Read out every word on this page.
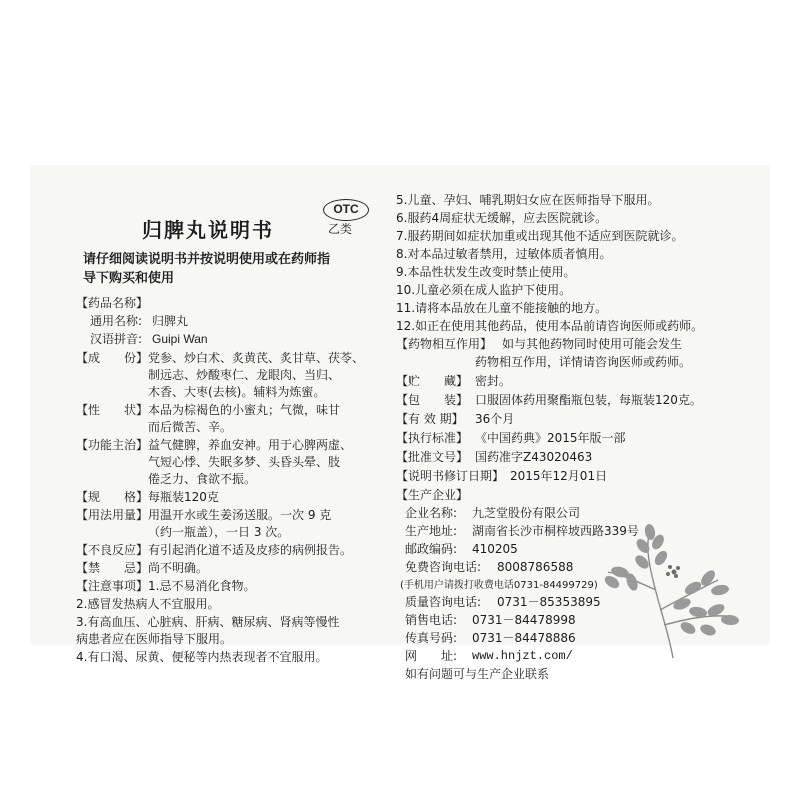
OTC
乙类
归脾丸说明书
请仔细阅读说明书并按说明使用或在药师指
导下购买和使用
【药品名称】
通用名称: 归脾丸
汉语拼音: Guipi Wan
【成　　份】 党参、炒白术、炙黄芪、炙甘草、茯苓、
制远志、炒酸枣仁、龙眼肉、当归、
木香、大枣(去核)。辅料为炼蜜。
【性　　状】 本品为棕褐色的小蜜丸；气微，味甘
而后微苦、辛。
【功能主治】 益气健脾，养血安神。用于心脾两虚、
气短心悸、失眠多梦、头昏头晕、肢
倦乏力、食欲不振。
【规　　格】 每瓶装120克
【用法用量】 用温开水或生姜汤送服。一次 9 克
（约一瓶盖），一日 3 次。
【不良反应】 有引起消化道不适及皮疹的病例报告。
【禁　　忌】 尚不明确。
【注意事项】 1.忌不易消化食物。
2.感冒发热病人不宜服用。
3.有高血压、心脏病、肝病、糖尿病、肾病等慢性
病患者应在医师指导下服用。
4.有口渴、尿黄、便秘等内热表现者不宜服用。
5.儿童、孕妇、哺乳期妇女应在医师指导下服用。
6.服药4周症状无缓解，应去医院就诊。
7.服药期间如症状加重或出现其他不适应到医院就诊。
8.对本品过敏者禁用，过敏体质者慎用。
9.本品性状发生改变时禁止使用。
10.儿童必须在成人监护下使用。
11.请将本品放在儿童不能接触的地方。
12.如正在使用其他药品，使用本品前请咨询医师或药师。
【药物相互作用】 如与其他药物同时使用可能会发生
药物相互作用，详情请咨询医师或药师。
【贮　　藏】 密封。
【包　　装】 口服固体药用聚酯瓶包装，每瓶装120克。
【有 效 期】 36个月
【执行标准】 《中国药典》2015年版一部
【批准文号】 国药准字Z43020463
【说明书修订日期】 2015年12月01日
【生产企业】
企业名称: 九芝堂股份有限公司
生产地址: 湖南省长沙市桐梓坡西路339号
邮政编码: 410205
免费咨询电话: 8008786588
(手机用户请拨打收费电话0731-84499729)
质量咨询电话: 0731－85353895
销售电话: 0731－84478998
传真号码: 0731－84478886
网　　址: www.hnjzt.com/
如有问题可与生产企业联系
